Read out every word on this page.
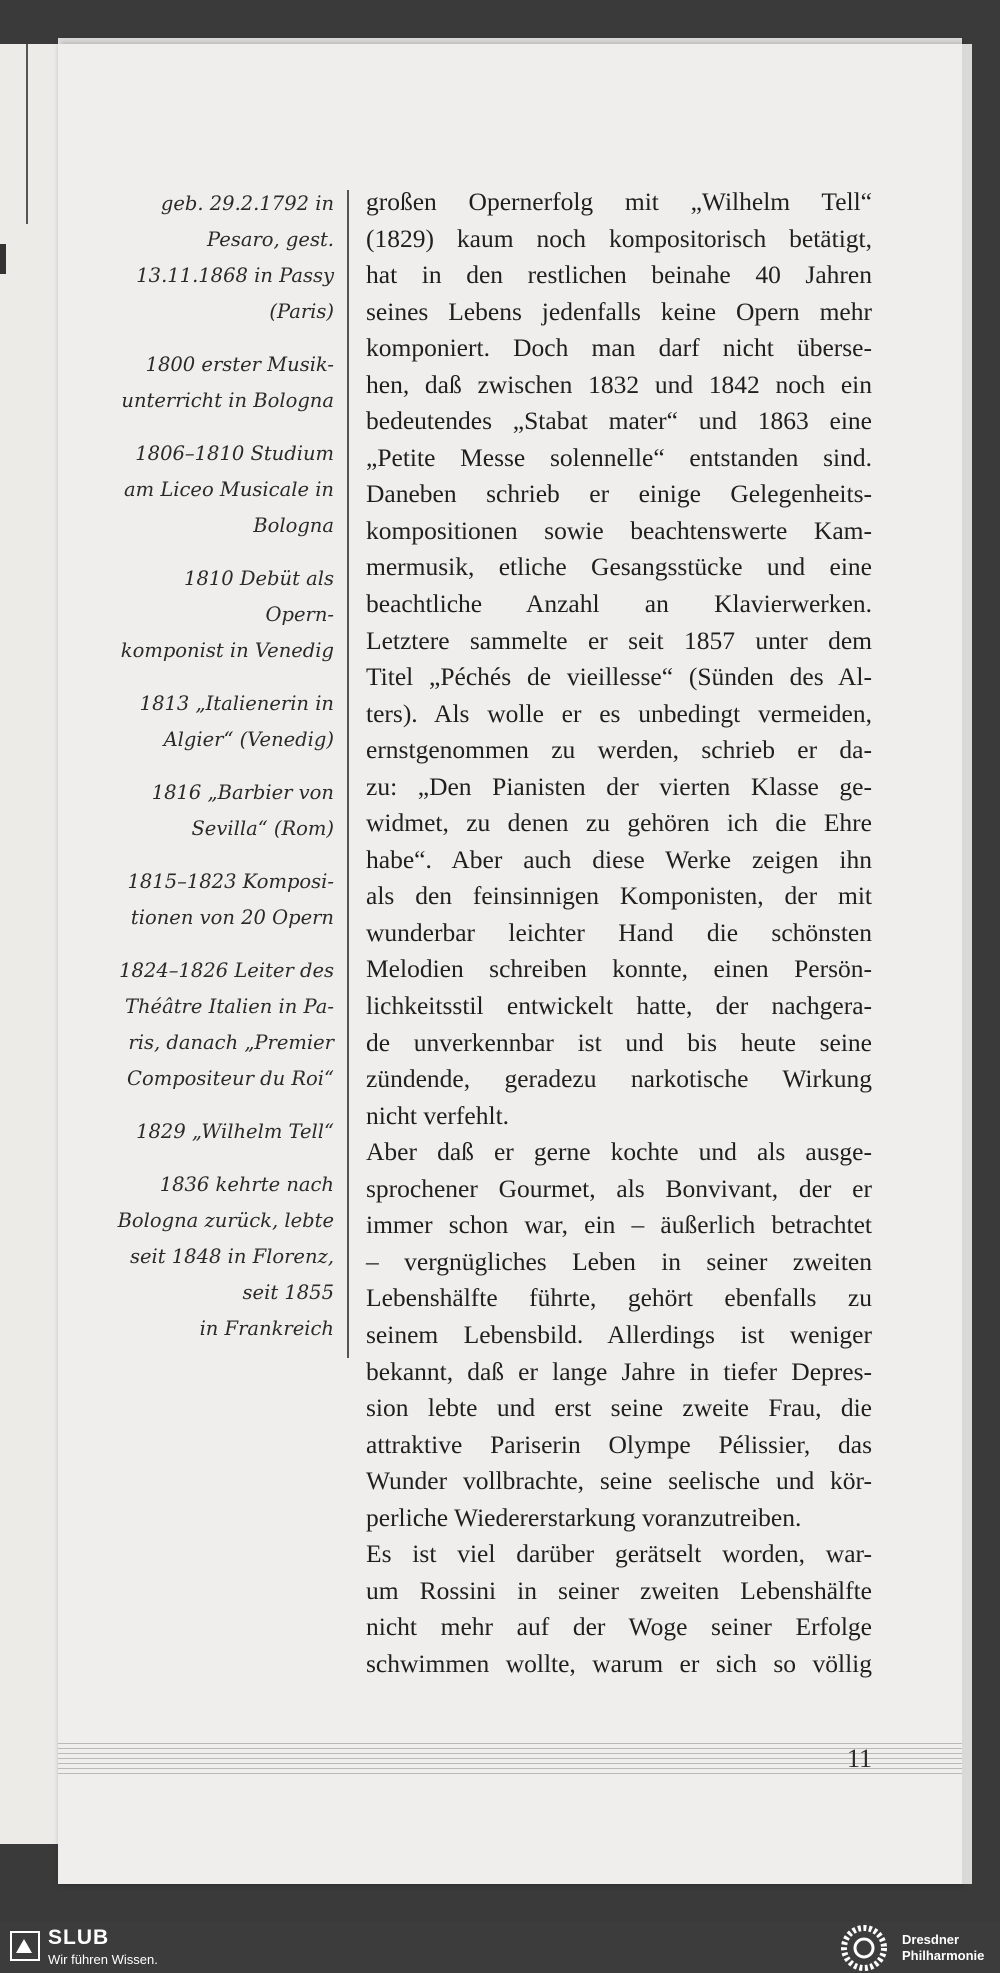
geb. 29.2.1792 in
Pesaro, gest.
13.11.1868 in Passy
(Paris)

1800 erster Musik-
unterricht in Bologna

1806–1810 Studium
am Liceo Musicale in
Bologna

1810 Debüt als Opern-
komponist in Venedig

1813 „Italienerin in
Algier“ (Venedig)

1816 „Barbier von
Sevilla“ (Rom)

1815–1823 Komposi-
tionen von 20 Opern

1824–1826 Leiter des
Théâtre Italien in Pa-
ris, danach „Premier
Compositeur du Roi“

1829 „Wilhelm Tell“

1836 kehrte nach
Bologna zurück, lebte
seit 1848 in Florenz,
seit 1855
in Frankreich

großen Opernerfolg mit „Wilhelm Tell“
(1829) kaum noch kompositorisch betätigt,
hat in den restlichen beinahe 40 Jahren
seines Lebens jedenfalls keine Opern mehr
komponiert. Doch man darf nicht überse-
hen, daß zwischen 1832 und 1842 noch ein
bedeutendes „Stabat mater“ und 1863 eine
„Petite Messe solennelle“ entstanden sind.
Daneben schrieb er einige Gelegenheits-
kompositionen sowie beachtenswerte Kam-
mermusik, etliche Gesangsstücke und eine
beachtliche Anzahl an Klavierwerken.
Letztere sammelte er seit 1857 unter dem
Titel „Péchés de vieillesse“ (Sünden des Al-
ters). Als wolle er es unbedingt vermeiden,
ernstgenommen zu werden, schrieb er da-
zu: „Den Pianisten der vierten Klasse ge-
widmet, zu denen zu gehören ich die Ehre
habe“. Aber auch diese Werke zeigen ihn
als den feinsinnigen Komponisten, der mit
wunderbar leichter Hand die schönsten
Melodien schreiben konnte, einen Persön-
lichkeitsstil entwickelt hatte, der nachgera-
de unverkennbar ist und bis heute seine
zündende, geradezu narkotische Wirkung
nicht verfehlt.
Aber daß er gerne kochte und als ausge-
sprochener Gourmet, als Bonvivant, der er
immer schon war, ein – äußerlich betrachtet
– vergnügliches Leben in seiner zweiten
Lebenshälfte führte, gehört ebenfalls zu
seinem Lebensbild. Allerdings ist weniger
bekannt, daß er lange Jahre in tiefer Depres-
sion lebte und erst seine zweite Frau, die
attraktive Pariserin Olympe Pélissier, das
Wunder vollbrachte, seine seelische und kör-
perliche Wiedererstarkung voranzutreiben.
Es ist viel darüber gerätselt worden, war-
um Rossini in seiner zweiten Lebenshälfte
nicht mehr auf der Woge seiner Erfolge
schwimmen wollte, warum er sich so völlig
11
SLUB
Wir führen Wissen.
Dresdner
Philharmonie
